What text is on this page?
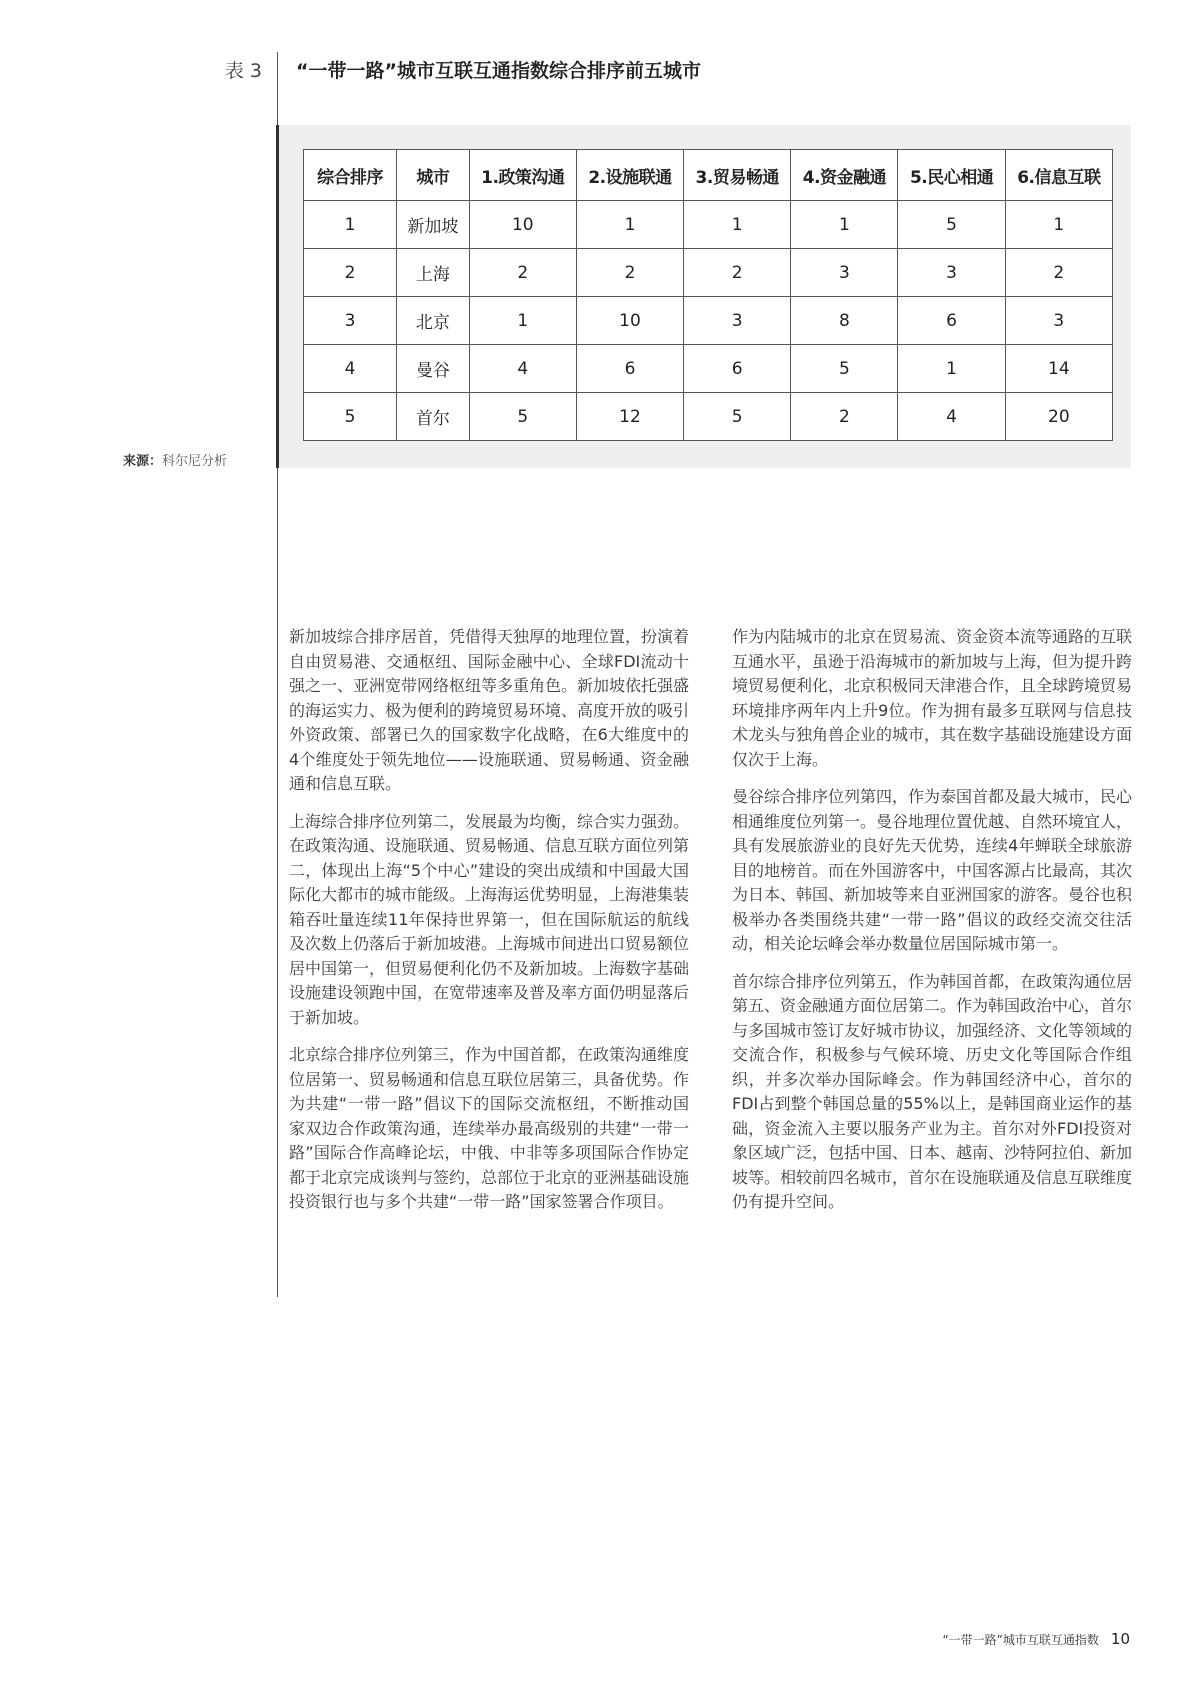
表 3 “一带一路”城市互联互通指数综合排序前五城市
来源：科尔尼分析
综合排序	城市	1.政策沟通	2.设施联通	3.贸易畅通	4.资金融通	5.民心相通	6.信息互联
1	新加坡	10	1	1	1	5	1
2	上海	2	2	2	3	3	2
3	北京	1	10	3	8	6	3
4	曼谷	4	6	6	5	1	14
5	首尔	5	12	5	2	4	20

新加坡综合排序居首，凭借得天独厚的地理位置，扮演着自由贸易港、交通枢纽、国际金融中心、全球FDI流动十强之一、亚洲宽带网络枢纽等多重角色。新加坡依托强盛的海运实力、极为便利的跨境贸易环境、高度开放的吸引外资政策、部署已久的国家数字化战略，在6大维度中的4个维度处于领先地位——设施联通、贸易畅通、资金融通和信息互联。

上海综合排序位列第二，发展最为均衡，综合实力强劲。在政策沟通、设施联通、贸易畅通、信息互联方面位列第二，体现出上海“5个中心”建设的突出成绩和中国最大国际化大都市的城市能级。上海海运优势明显，上海港集装箱吞吐量连续11年保持世界第一，但在国际航运的航线及次数上仍落后于新加坡港。上海城市间进出口贸易额位居中国第一，但贸易便利化仍不及新加坡。上海数字基础设施建设领跑中国，在宽带速率及普及率方面仍明显落后于新加坡。

北京综合排序位列第三，作为中国首都，在政策沟通维度位居第一、贸易畅通和信息互联位居第三，具备优势。作为共建“一带一路”倡议下的国际交流枢纽，不断推动国家双边合作政策沟通，连续举办最高级别的共建“一带一路”国际合作高峰论坛，中俄、中非等多项国际合作协定都于北京完成谈判与签约，总部位于北京的亚洲基础设施投资银行也与多个共建“一带一路”国家签署合作项目。

作为内陆城市的北京在贸易流、资金资本流等通路的互联互通水平，虽逊于沿海城市的新加坡与上海，但为提升跨境贸易便利化，北京积极同天津港合作，且全球跨境贸易环境排序两年内上升9位。作为拥有最多互联网与信息技术龙头与独角兽企业的城市，其在数字基础设施建设方面仅次于上海。

曼谷综合排序位列第四，作为泰国首都及最大城市，民心相通维度位列第一。曼谷地理位置优越、自然环境宜人，具有发展旅游业的良好先天优势，连续4年蝉联全球旅游目的地榜首。而在外国游客中，中国客源占比最高，其次为日本、韩国、新加坡等来自亚洲国家的游客。曼谷也积极举办各类围绕共建“一带一路”倡议的政经交流交往活动，相关论坛峰会举办数量位居国际城市第一。

首尔综合排序位列第五，作为韩国首都，在政策沟通位居第五、资金融通方面位居第二。作为韩国政治中心，首尔与多国城市签订友好城市协议，加强经济、文化等领域的交流合作，积极参与气候环境、历史文化等国际合作组织，并多次举办国际峰会。作为韩国经济中心，首尔的FDI占到整个韩国总量的55%以上，是韩国商业运作的基础，资金流入主要以服务产业为主。首尔对外FDI投资对象区域广泛，包括中国、日本、越南、沙特阿拉伯、新加坡等。相较前四名城市，首尔在设施联通及信息互联维度仍有提升空间。

“一带一路”城市互联互通指数 10
